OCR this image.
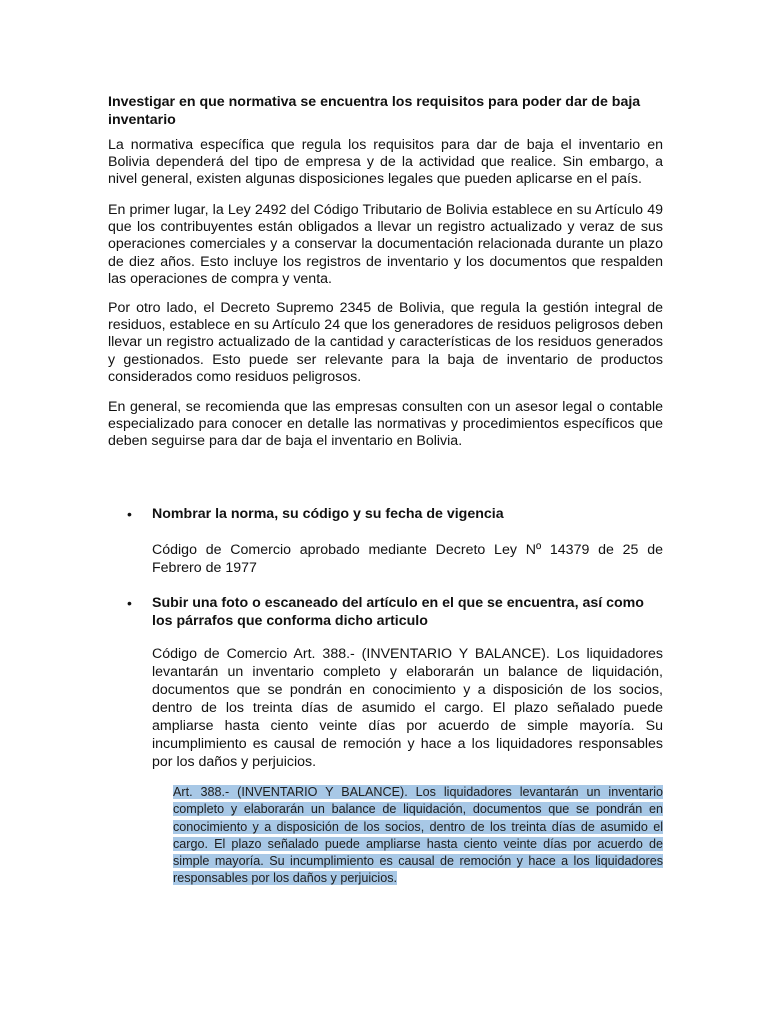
Investigar en que normativa se encuentra los requisitos para poder dar de baja inventario

La normativa específica que regula los requisitos para dar de baja el inventario en Bolivia dependerá del tipo de empresa y de la actividad que realice. Sin embargo, a nivel general, existen algunas disposiciones legales que pueden aplicarse en el país.

En primer lugar, la Ley 2492 del Código Tributario de Bolivia establece en su Artículo 49 que los contribuyentes están obligados a llevar un registro actualizado y veraz de sus operaciones comerciales y a conservar la documentación relacionada durante un plazo de diez años. Esto incluye los registros de inventario y los documentos que respalden las operaciones de compra y venta.

Por otro lado, el Decreto Supremo 2345 de Bolivia, que regula la gestión integral de residuos, establece en su Artículo 24 que los generadores de residuos peligrosos deben llevar un registro actualizado de la cantidad y características de los residuos generados y gestionados. Esto puede ser relevante para la baja de inventario de productos considerados como residuos peligrosos.

En general, se recomienda que las empresas consulten con un asesor legal o contable especializado para conocer en detalle las normativas y procedimientos específicos que deben seguirse para dar de baja el inventario en Bolivia.

• Nombrar la norma, su código y su fecha de vigencia

Código de Comercio aprobado mediante Decreto Ley Nº 14379 de 25 de Febrero de 1977

• Subir una foto o escaneado del artículo en el que se encuentra, así como los párrafos que conforma dicho articulo

Código de Comercio Art. 388.- (INVENTARIO Y BALANCE). Los liquidadores levantarán un inventario completo y elaborarán un balance de liquidación, documentos que se pondrán en conocimiento y a disposición de los socios, dentro de los treinta días de asumido el cargo. El plazo señalado puede ampliarse hasta ciento veinte días por acuerdo de simple mayoría. Su incumplimiento es causal de remoción y hace a los liquidadores responsables por los daños y perjuicios.

Art. 388.- (INVENTARIO Y BALANCE). Los liquidadores levantarán un inventario completo y elaborarán un balance de liquidación, documentos que se pondrán en conocimiento y a disposición de los socios, dentro de los treinta días de asumido el cargo. El plazo señalado puede ampliarse hasta ciento veinte días por acuerdo de simple mayoría. Su incumplimiento es causal de remoción y hace a los liquidadores responsables por los daños y perjuicios.
